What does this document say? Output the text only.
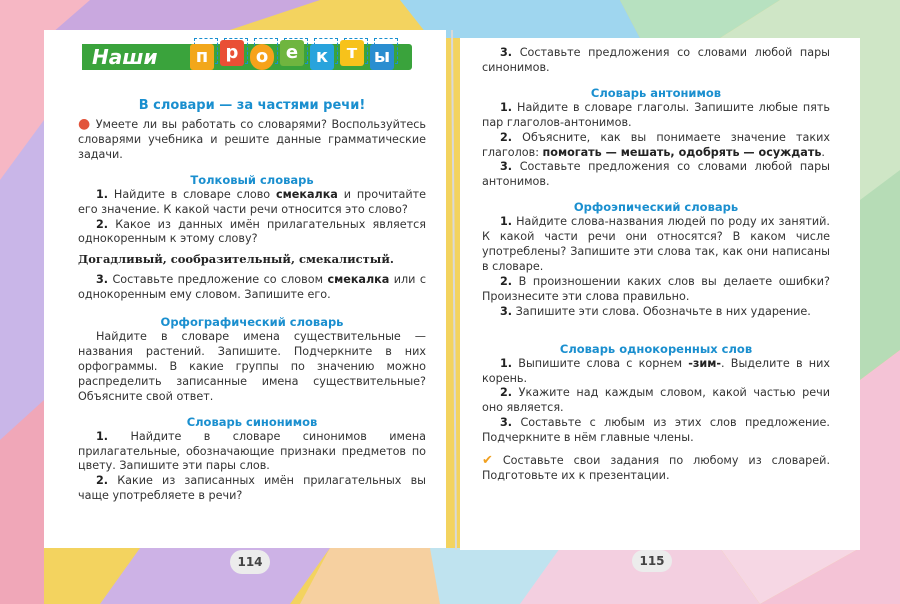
Наши	п р о е к	т ы

В словари — за частями речи!

● Умеете ли вы работать со словарями? Воспользуйтесь словарями учебника и решите данные грамматические задачи.

Толковый словарь

1. Найдите в словаре слово смекалка и прочитайте его значение. К какой части речи относится это слово?

2. Какое из данных имён прилагательных является однокоренным к этому слову?

Догадливый, сообразительный, смекалистый.

3. Составьте предложение со словом смекалка или с однокоренным ему словом. Запишите его.

Орфографический словарь

Найдите в словаре имена существительные — названия растений. Запишите. Подчеркните в них орфограммы. В какие группы по значению можно распределить записанные имена существительные? Объясните свой ответ.

Словарь синонимов

1. Найдите в словаре синонимов имена прилагательные, обозначающие признаки предметов по цвету. Запишите эти пары слов.

2. Какие из записанных имён прилагательных вы чаще употребляете в речи?

114

3. Составьте предложения со словами любой пары синонимов.

Словарь антонимов

1. Найдите в словаре глаголы. Запишите любые пять пар глаголов-антонимов.

2. Объясните, как вы понимаете значение таких глаголов: помогать — мешать, одобрять — осуждать.

3. Составьте предложения со словами любой пары антонимов.

Орфоэпический словарь

1. Найдите слова-названия людей по роду их занятий. К какой части речи они относятся? В каком числе употреблены? Запишите эти слова так, как они написаны в словаре.

2. В произношении каких слов вы делаете ошибки? Произнесите эти слова правильно.

3. Запишите эти слова. Обозначьте в них ударение.

Словарь однокоренных слов

1. Выпишите слова с корнем -зим-. Выделите в них корень.

2. Укажите над каждым словом, какой частью речи оно является.

3. Составьте с любым из этих слов предложение. Подчеркните в нём главные члены.

✔ Составьте свои задания по любому из словарей. Подготовьте их к презентации.

115
